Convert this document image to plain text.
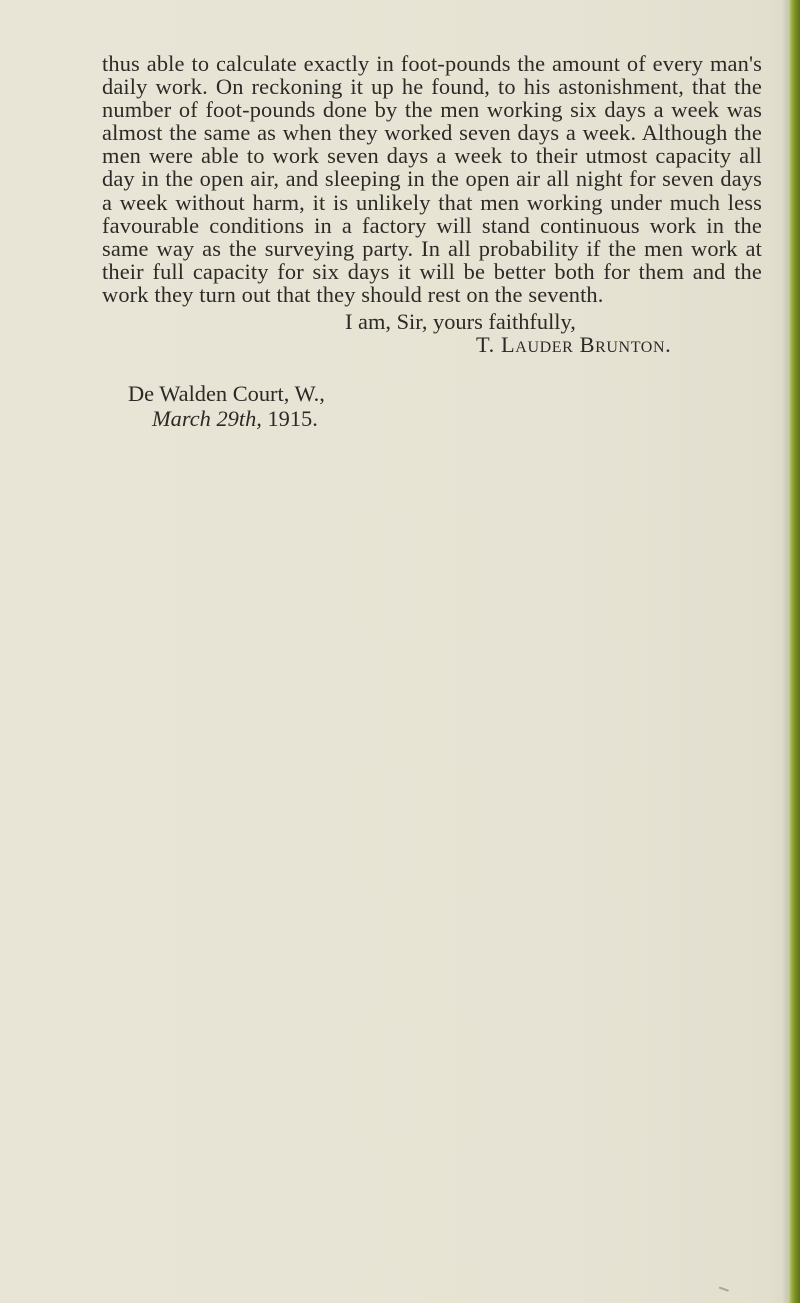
thus able to calculate exactly in foot-pounds the amount of every man's daily work. On reckoning it up he found, to his astonishment, that the number of foot-pounds done by the men working six days a week was almost the same as when they worked seven days a week. Although the men were able to work seven days a week to their utmost capacity all day in the open air, and sleeping in the open air all night for seven days a week without harm, it is unlikely that men working under much less favourable conditions in a factory will stand continuous work in the same way as the surveying party. In all probability if the men work at their full capacity for six days it will be better both for them and the work they turn out that they should rest on the seventh.

I am, Sir, yours faithfully,

T. Lauder Brunton.

De Walden Court, W.,

March 29th, 1915.
